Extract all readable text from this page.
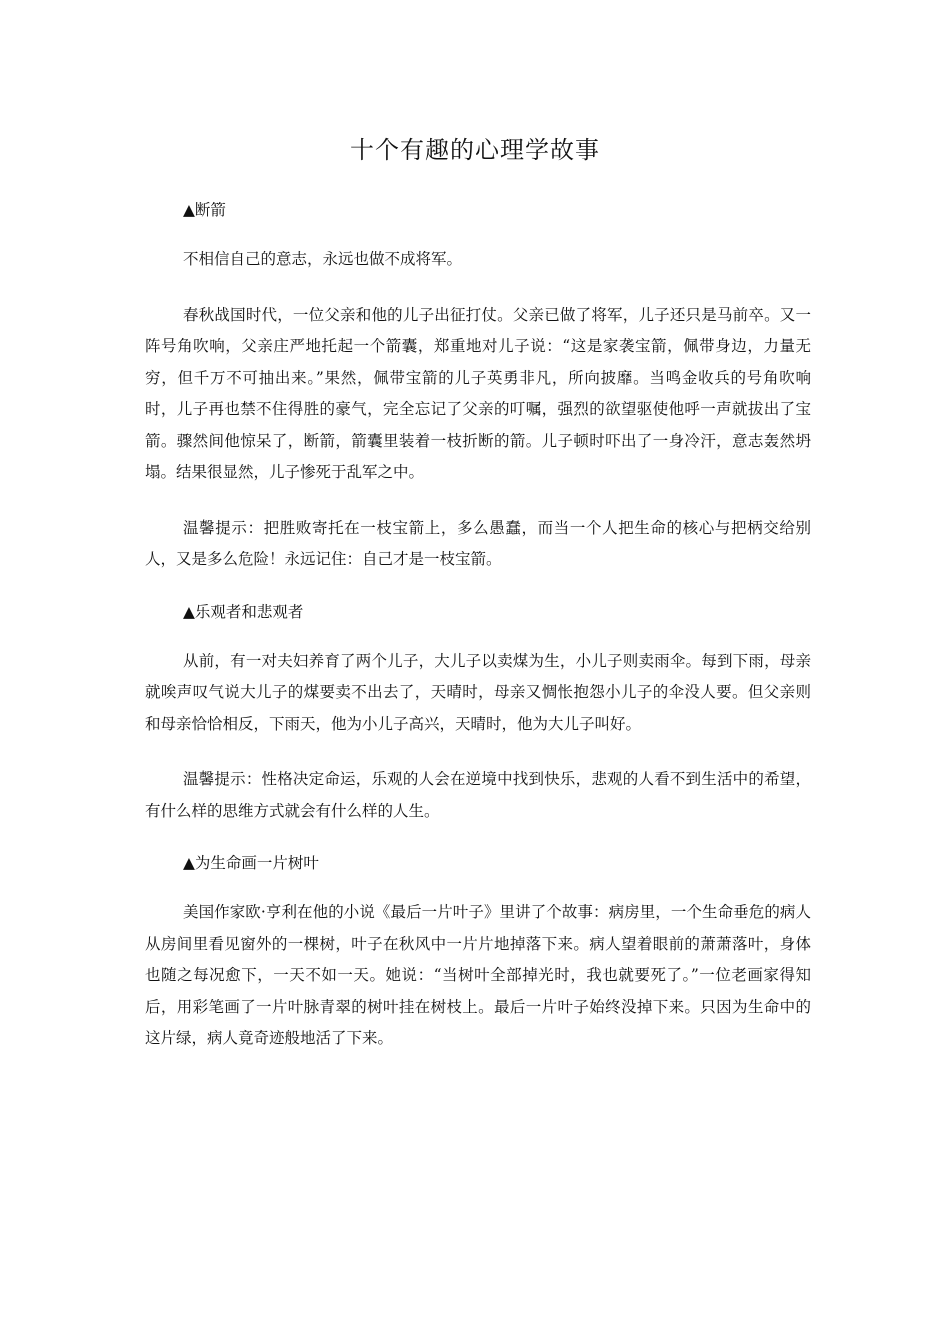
十个有趣的心理学故事

▲断箭

不相信自己的意志，永远也做不成将军。

春秋战国时代，一位父亲和他的儿子出征打仗。父亲已做了将军，儿子还只是马前卒。又一阵号角吹响，父亲庄严地托起一个箭囊，郑重地对儿子说：“这是家袭宝箭，佩带身边，力量无穷，但千万不可抽出来。”果然，佩带宝箭的儿子英勇非凡，所向披靡。当鸣金收兵的号角吹响时，儿子再也禁不住得胜的豪气，完全忘记了父亲的叮嘱，强烈的欲望驱使他呼一声就拔出了宝箭。骤然间他惊呆了，断箭，箭囊里装着一枝折断的箭。儿子顿时吓出了一身冷汗，意志轰然坍塌。结果很显然，儿子惨死于乱军之中。

温馨提示：把胜败寄托在一枝宝箭上，多么愚蠢，而当一个人把生命的核心与把柄交给别人，又是多么危险！永远记住：自己才是一枝宝箭。

▲乐观者和悲观者

从前，有一对夫妇养育了两个儿子，大儿子以卖煤为生，小儿子则卖雨伞。每到下雨，母亲就唉声叹气说大儿子的煤要卖不出去了，天晴时，母亲又惆怅抱怨小儿子的伞没人要。但父亲则和母亲恰恰相反，下雨天，他为小儿子高兴，天晴时，他为大儿子叫好。

温馨提示：性格决定命运，乐观的人会在逆境中找到快乐，悲观的人看不到生活中的希望，有什么样的思维方式就会有什么样的人生。

▲为生命画一片树叶

美国作家欧·亨利在他的小说《最后一片叶子》里讲了个故事：病房里，一个生命垂危的病人从房间里看见窗外的一棵树，叶子在秋风中一片片地掉落下来。病人望着眼前的萧萧落叶，身体也随之每况愈下，一天不如一天。她说：“当树叶全部掉光时，我也就要死了。”一位老画家得知后，用彩笔画了一片叶脉青翠的树叶挂在树枝上。最后一片叶子始终没掉下来。只因为生命中的这片绿，病人竟奇迹般地活了下来。
